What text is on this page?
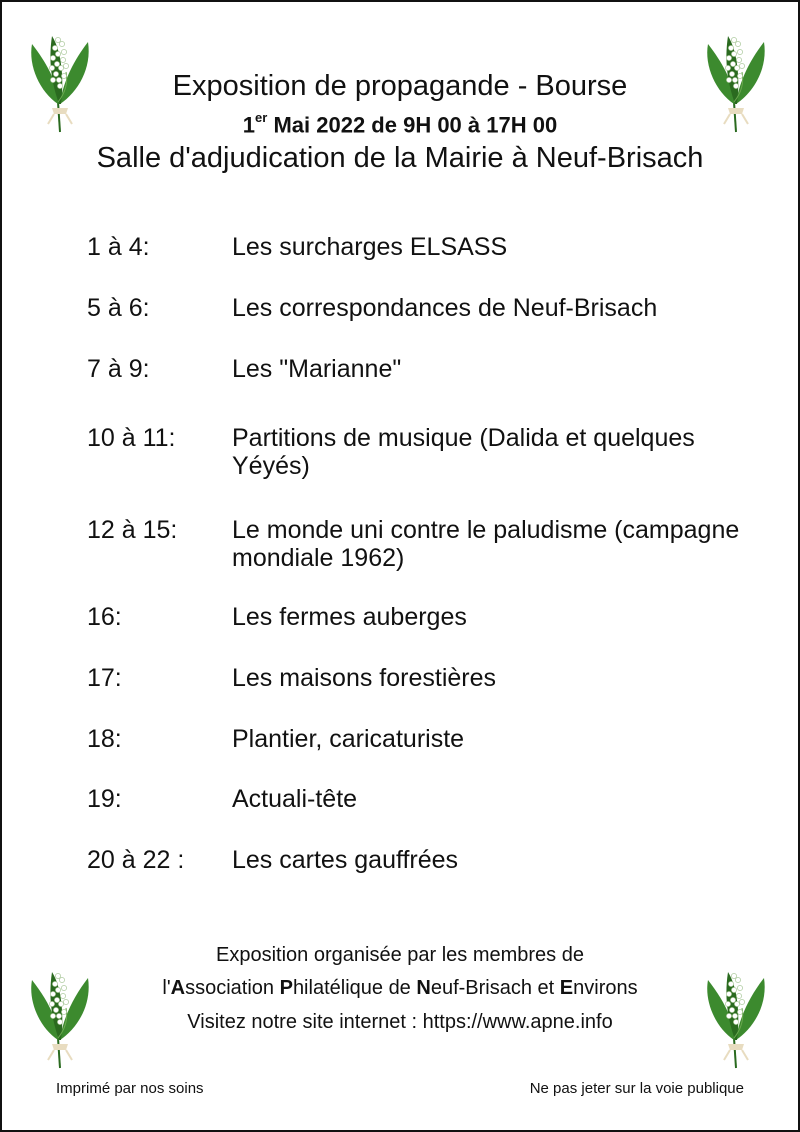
Exposition de propagande - Bourse
1er Mai 2022 de 9H 00 à 17H 00
Salle d'adjudication de la Mairie à Neuf-Brisach
1 à 4:	Les surcharges ELSASS
5 à 6:	Les correspondances de Neuf-Brisach
7 à 9:	Les "Marianne"
10 à 11:	Partitions de musique (Dalida et quelques Yéyés)
12 à 15:	Le monde uni contre le paludisme (campagne mondiale 1962)
16:	Les fermes auberges
17:	Les maisons forestières
18:	Plantier, caricaturiste
19:	Actuali-tête
20 à 22 :	Les cartes gauffrées
Exposition organisée par les membres de
l'Association Philatélique de Neuf-Brisach et Environs
Visitez notre site internet : https://www.apne.info
Imprimé par nos soins	Ne pas jeter sur la voie publique
